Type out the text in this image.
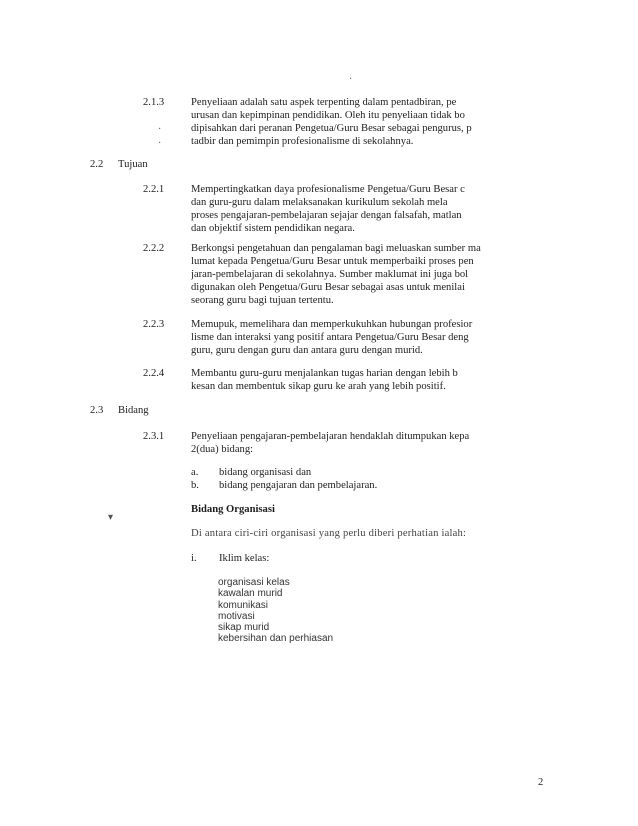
2.1.3	Penyeliaan adalah satu aspek terpenting dalam pentadbiran, pe
urusan dan kepimpinan pendidikan. Oleh itu penyeliaan tidak bo
dipisahkan dari peranan Pengetua/Guru Besar sebagai pengurus, p
tadbir dan pemimpin profesionalisme di sekolahnya.
2.2 Tujuan
2.2.1	Mempertingkatkan daya profesionalisme Pengetua/Guru Besar c
dan guru-guru dalam melaksanakan kurikulum sekolah mela
proses pengajaran-pembelajaran sejajar dengan falsafah, matlan
dan objektif sistem pendidikan negara.
2.2.2	Berkongsi pengetahuan dan pengalaman bagi meluaskan sumber ma
lumat kepada Pengetua/Guru Besar untuk memperbaiki proses pen
jaran-pembelajaran di sekolahnya. Sumber maklumat ini juga bol
digunakan oleh Pengetua/Guru Besar sebagai asas untuk menilai
seorang guru bagi tujuan tertentu.
2.2.3	Memupuk, memelihara dan memperkukuhkan hubungan profesior
lisme dan interaksi yang positif antara Pengetua/Guru Besar deng
guru, guru dengan guru dan antara guru dengan murid.
2.2.4	Membantu guru-guru menjalankan tugas harian dengan lebih b
kesan dan membentuk sikap guru ke arah yang lebih positif.
2.3 Bidang
2.3.1	Penyeliaan pengajaran-pembelajaran hendaklah ditumpukan kepa
2(dua) bidang:
a. bidang organisasi dan
b. bidang pengajaran dan pembelajaran.
Bidang Organisasi
Di antara ciri-ciri organisasi yang perlu diberi perhatian ialah:
i. Iklim kelas:
organisasi kelas
kawalan murid
komunikasi
motivasi
sikap murid
kebersihan dan perhiasan
·
·
·
▾
2
